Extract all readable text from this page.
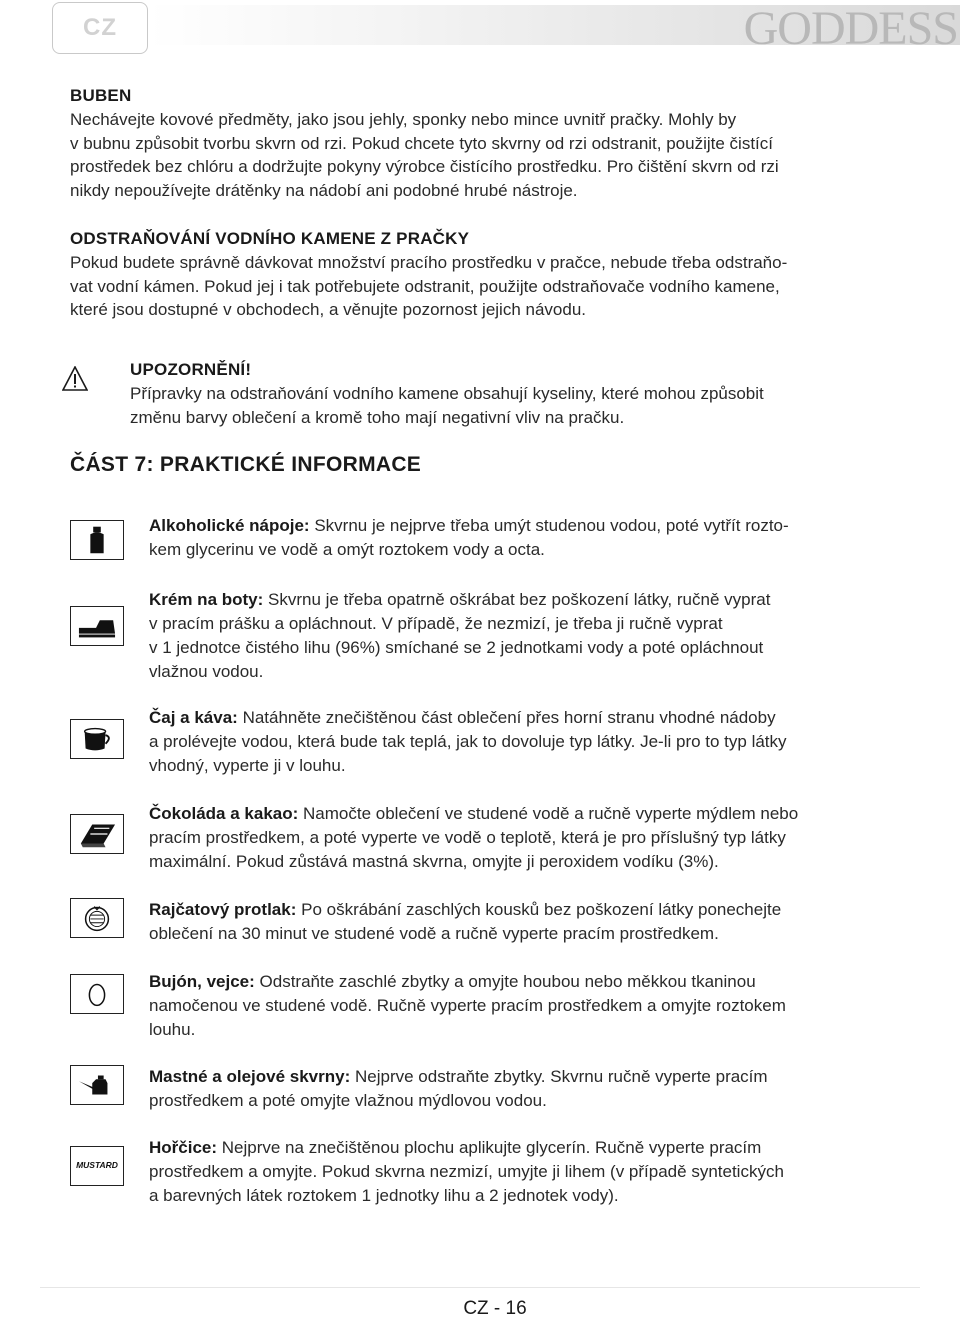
CZ	GODDESS
BUBEN
Nechávejte kovové předměty, jako jsou jehly, sponky nebo mince uvnitř pračky. Mohly by
v bubnu způsobit tvorbu skvrn od rzi. Pokud chcete tyto skvrny od rzi odstranit, použijte čistící
prostředek bez chlóru a dodržujte pokyny výrobce čistícího prostředku. Pro čištění skvrn od rzi
nikdy nepoužívejte drátěnky na nádobí ani podobné hrubé nástroje.
ODSTRAŇOVÁNÍ VODNÍHO KAMENE Z PRAČKY
Pokud budete správně dávkovat množství pracího prostředku v pračce, nebude třeba odstraňo-
vat vodní kámen. Pokud jej i tak potřebujete odstranit, použijte odstraňovače vodního kamene,
které jsou dostupné v obchodech, a věnujte pozornost jejich návodu.
UPOZORNĚNÍ!
Přípravky na odstraňování vodního kamene obsahují kyseliny, které mohou způsobit
změnu barvy oblečení a kromě toho mají negativní vliv na pračku.
ČÁST 7: PRAKTICKÉ INFORMACE
Alkoholické nápoje: Skvrnu je nejprve třeba umýt studenou vodou, poté vytřít rozto-
kem glycerinu ve vodě a omýt roztokem vody a octa.
Krém na boty: Skvrnu je třeba opatrně oškrábat bez poškození látky, ručně vyprat
v pracím prášku a opláchnout. V případě, že nezmizí, je třeba ji ručně vyprat
v 1 jednotce čistého lihu (96%) smíchané se 2 jednotkami vody a poté opláchnout
vlažnou vodou.
Čaj a káva: Natáhněte znečištěnou část oblečení přes horní stranu vhodné nádoby
a prolévejte vodou, která bude tak teplá, jak to dovoluje typ látky. Je-li pro to typ látky
vhodný, vyperte ji v louhu.
Čokoláda a kakao: Namočte oblečení ve studené vodě a ručně vyperte mýdlem nebo
pracím prostředkem, a poté vyperte ve vodě o teplotě, která je pro příslušný typ látky
maximální. Pokud zůstává mastná skvrna, omyjte ji peroxidem vodíku (3%).
Rajčatový protlak: Po oškrábání zaschlých kousků bez poškození látky ponechejte
oblečení na 30 minut ve studené vodě a ručně vyperte pracím prostředkem.
Bujón, vejce: Odstraňte zaschlé zbytky a omyjte houbou nebo měkkou tkaninou
namočenou ve studené vodě. Ručně vyperte pracím prostředkem a omyjte roztokem
louhu.
Mastné a olejové skvrny: Nejprve odstraňte zbytky. Skvrnu ručně vyperte pracím
prostředkem a poté omyjte vlažnou mýdlovou vodou.
MUSTARD
Hořčice: Nejprve na znečištěnou plochu aplikujte glycerín. Ručně vyperte pracím
prostředkem a omyjte. Pokud skvrna nezmizí, umyjte ji lihem (v případě syntetických
a barevných látek roztokem 1 jednotky lihu a 2 jednotek vody).
CZ - 16
